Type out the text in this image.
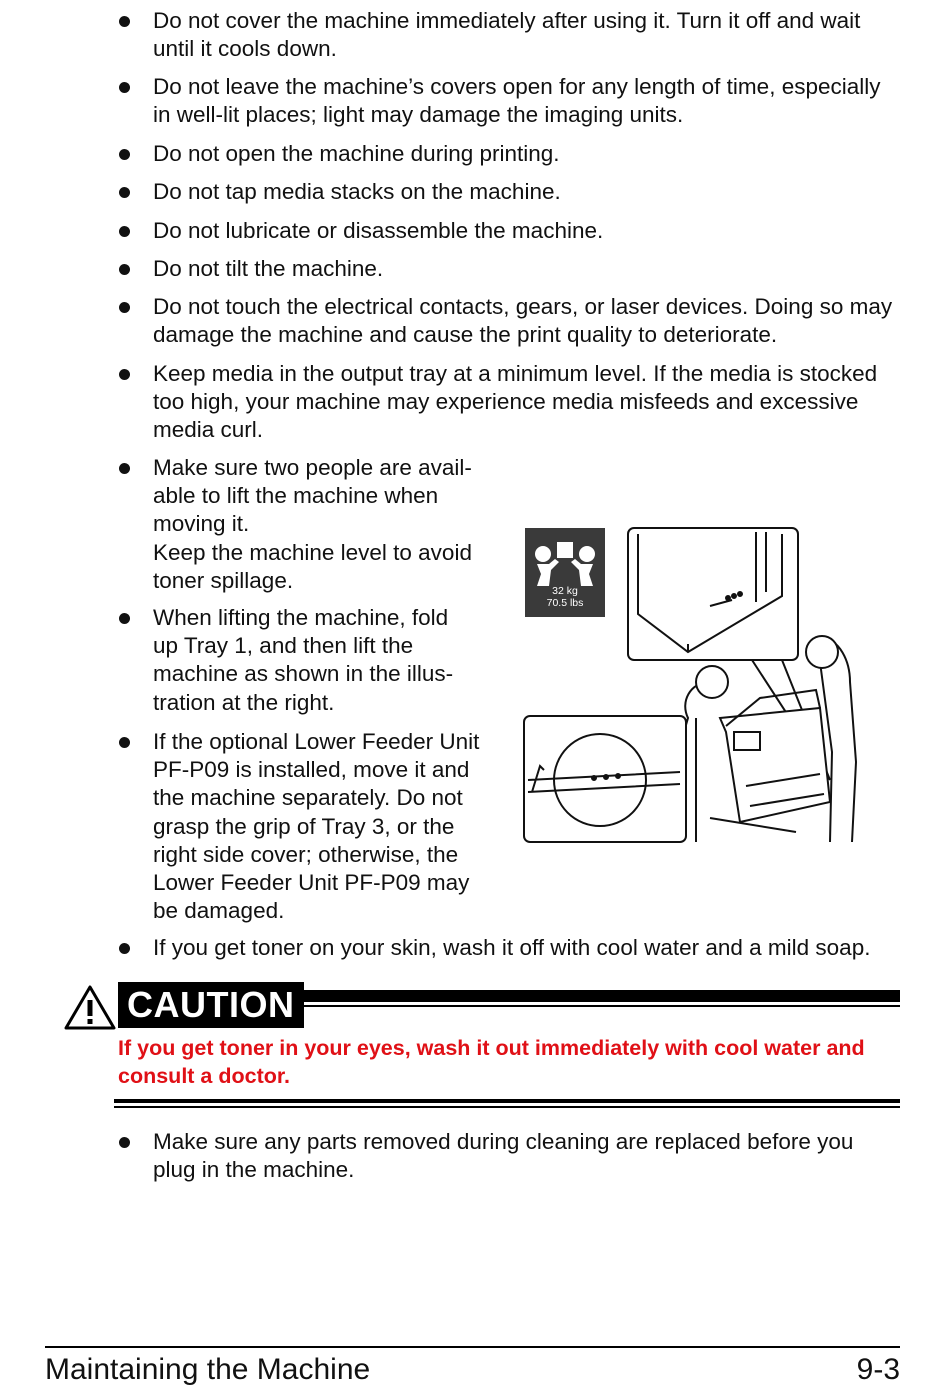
Do not cover the machine immediately after using it. Turn it off and wait until it cools down.
Do not leave the machine’s covers open for any length of time, especially in well-lit places; light may damage the imaging units.
Do not open the machine during printing.
Do not tap media stacks on the machine.
Do not lubricate or disassemble the machine.
Do not tilt the machine.
Do not touch the electrical contacts, gears, or laser devices. Doing so may damage the machine and cause the print quality to deteriorate.
Keep media in the output tray at a minimum level. If the media is stocked too high, your machine may experience media misfeeds and excessive media curl.
Make sure two people are avail-able to lift the machine when moving it.
Keep the machine level to avoid toner spillage.
When lifting the machine, fold up Tray 1, and then lift the machine as shown in the illus-tration at the right.
If the optional Lower Feeder Unit PF-P09 is installed, move it and the machine separately. Do not grasp the grip of Tray 3, or the right side cover; otherwise, the Lower Feeder Unit PF-P09 may be damaged.
32 kg
70.5 lbs
If you get toner on your skin, wash it off with cool water and a mild soap.
CAUTION
If you get toner in your eyes, wash it out immediately with cool water and consult a doctor.
Make sure any parts removed during cleaning are replaced before you plug in the machine.
Maintaining the Machine	9-3
